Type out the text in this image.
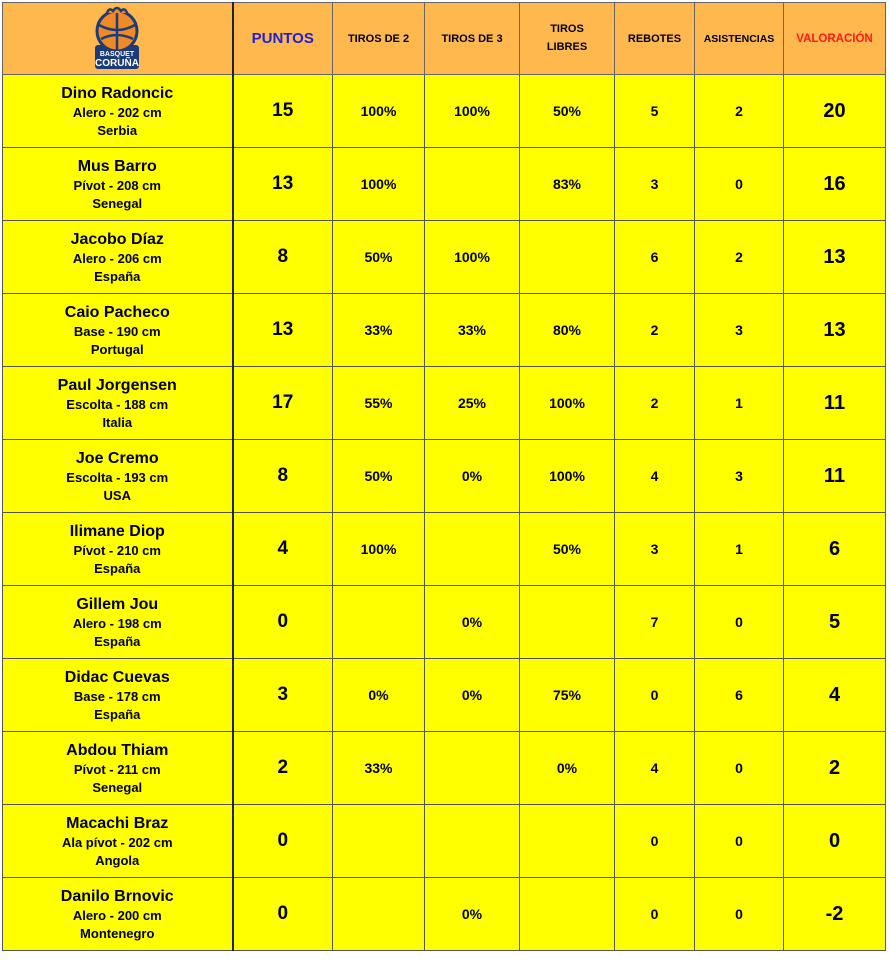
BASQUET
CORUÑA	PUNTOS	TIROS DE 2	TIROS DE 3	TIROS LIBRES	REBOTES	ASISTENCIAS	VALORACIÓN

Dino Radoncic
Alero - 202 cm
Serbia	15	100%	100%	50%	5	2	20

Mus Barro
Pívot - 208 cm
Senegal	13	100%		83%	3	0	16

Jacobo Díaz
Alero - 206 cm
España	8	50%	100%		6	2	13

Caio Pacheco
Base - 190 cm
Portugal	13	33%	33%	80%	2	3	13

Paul Jorgensen
Escolta - 188 cm
Italia	17	55%	25%	100%	2	1	11

Joe Cremo
Escolta - 193 cm
USA	8	50%	0%	100%	4	3	11

Ilimane Diop
Pívot - 210 cm
España	4	100%		50%	3	1	6

Gillem Jou
Alero - 198 cm
España	0		0%		7	0	5

Didac Cuevas
Base - 178 cm
España	3	0%	0%	75%	0	6	4

Abdou Thiam
Pívot - 211 cm
Senegal	2	33%		0%	4	0	2

Macachi Braz
Ala pívot - 202 cm
Angola	0				0	0	0

Danilo Brnovic
Alero - 200 cm
Montenegro	0		0%		0	0	-2
